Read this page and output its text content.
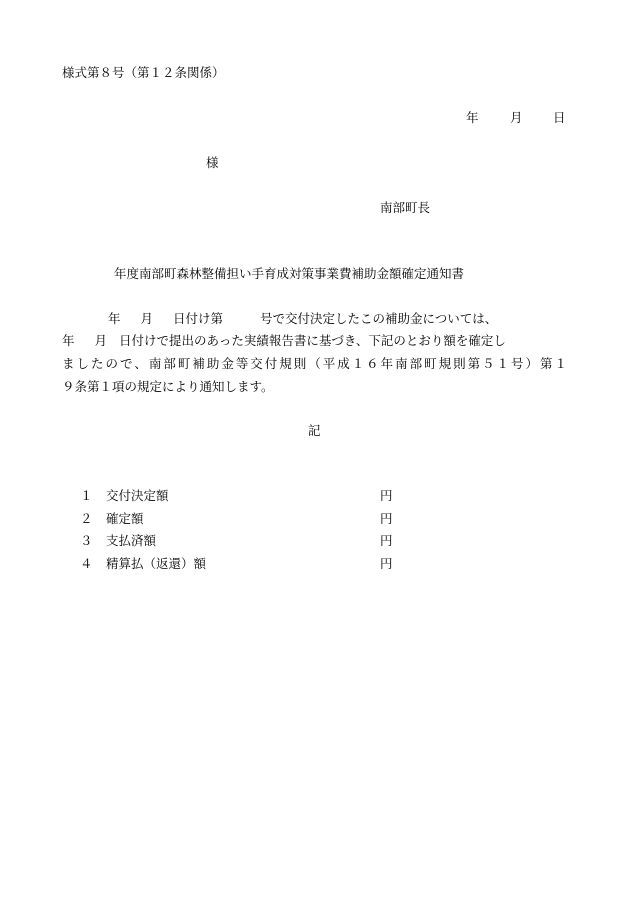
様式第８号（第１２条関係）
年	月 日
様
南部町長
年度南部町森林整備担い手育成対策事業費補助金額確定通知書
年 月 日付け第	号で交付決定したこの補助金については、
年 月 日付けで提出のあった実績報告書に基づき、下記のとおり額を確定し
ま し た の で 、 南 部 町 補 助 金 等 交 付 規 則 （ 平 成 １ ６ 年 南 部 町 規 則 第 ５ １ 号 ） 第 １
９条第１項の規定により通知します。
記
１ 交付決定額	円
２ 確定額	円
３ 支払済額	円
４ 精算払（返還）額	円
